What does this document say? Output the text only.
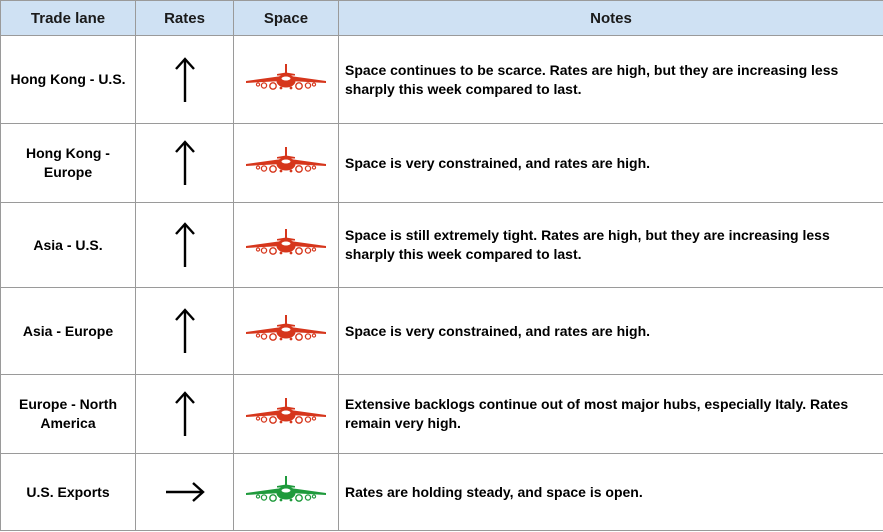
Trade lane	Rates	Space	Notes
Hong Kong - U.S.			Space continues to be scarce. Rates are high, but they are increasing less sharply this week compared to last.
Hong Kong - Europe			Space is very constrained, and rates are high.
Asia - U.S.			Space is still extremely tight. Rates are high, but they are increasing less sharply this week compared to last.
Asia - Europe			Space is very constrained, and rates are high.
Europe - North America			Extensive backlogs continue out of most major hubs, especially Italy. Rates remain very high.
U.S. Exports			Rates are holding steady, and space is open.
